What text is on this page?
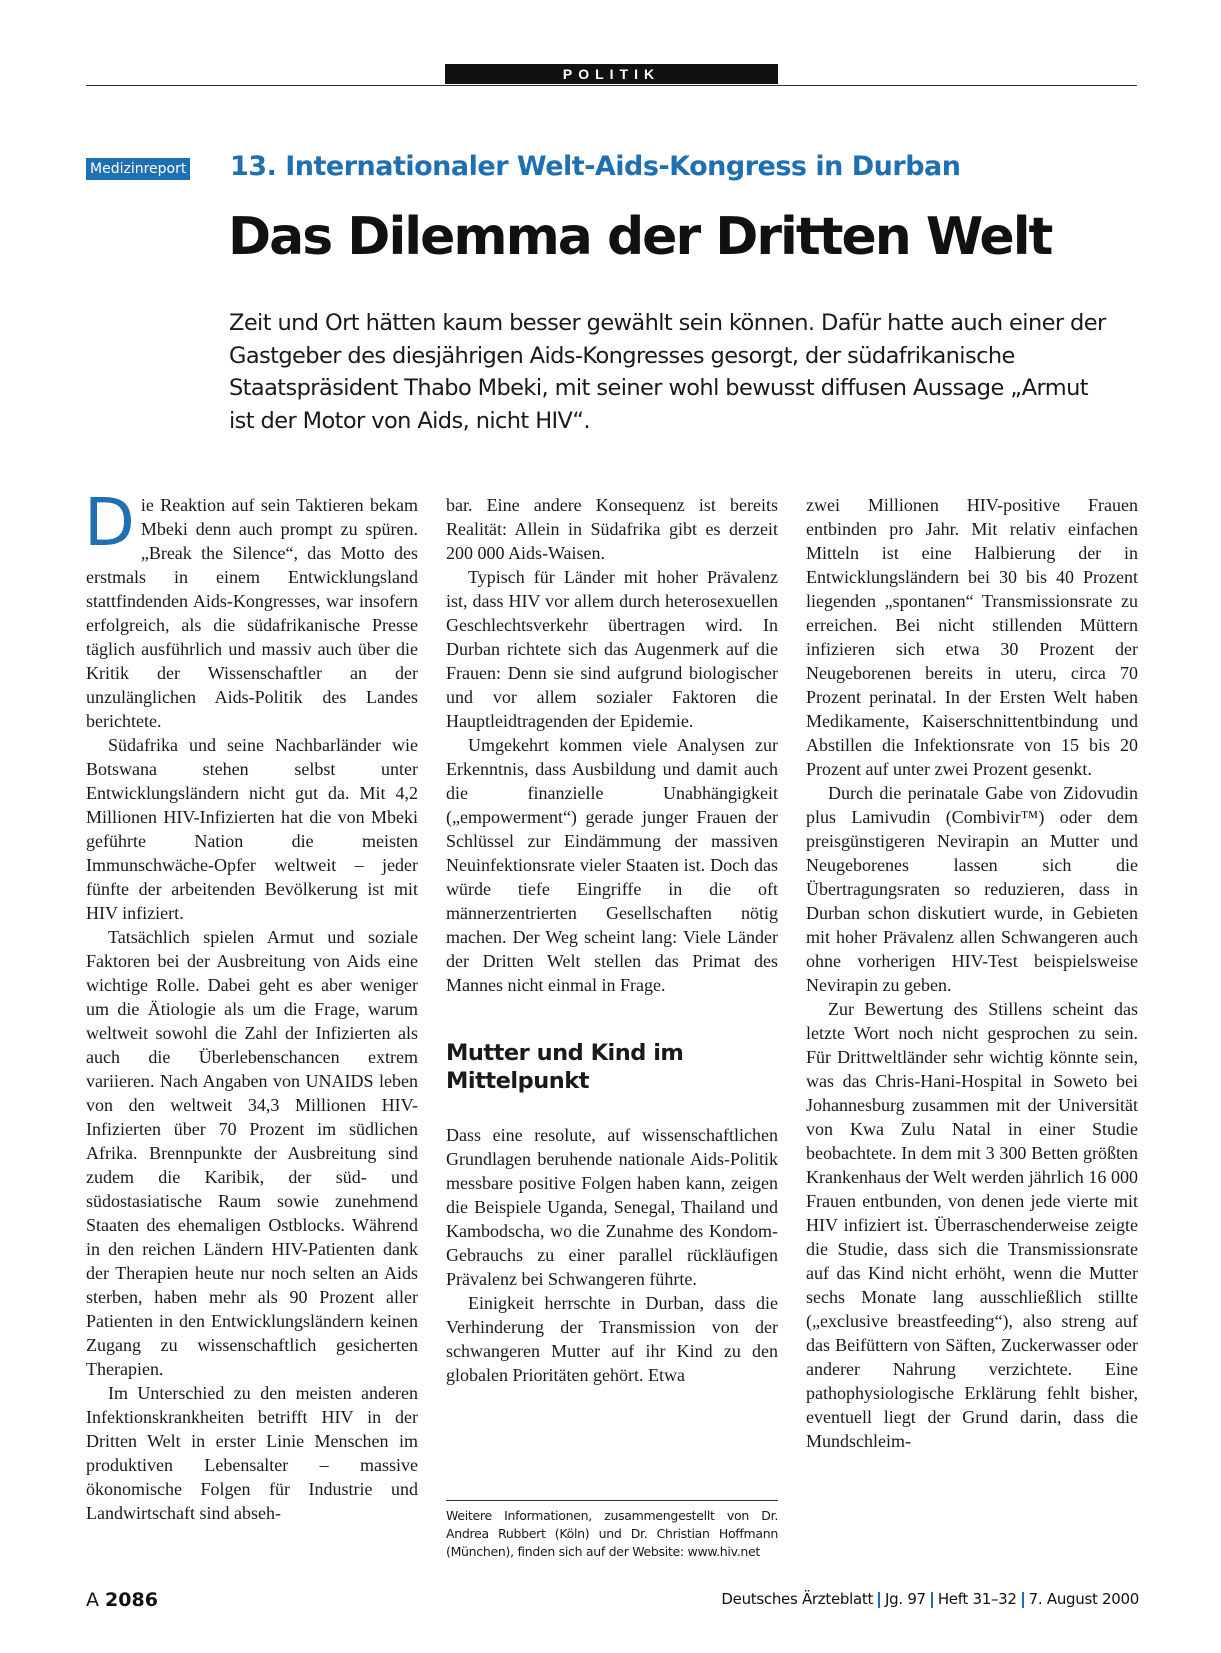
POLITIK
Medizinreport 13. Internationaler Welt-Aids-Kongress in Durban
Das Dilemma der Dritten Welt
Zeit und Ort hätten kaum besser gewählt sein können. Dafür hatte auch einer der Gastgeber des diesjährigen Aids-Kongresses gesorgt, der südafrikanische Staatspräsident Thabo Mbeki, mit seiner wohl bewusst diffusen Aussage „Armut ist der Motor von Aids, nicht HIV“.

Die Reaktion auf sein Taktieren bekam Mbeki denn auch prompt zu spüren. „Break the Silence“, das Motto des erstmals in einem Entwicklungsland stattfindenden Aids-Kongresses, war insofern erfolgreich, als die südafrikanische Presse täglich ausführlich und massiv auch über die Kritik der Wissenschaftler an der unzulänglichen Aids-Politik des Landes berichtete.

Südafrika und seine Nachbarländer wie Botswana stehen selbst unter Entwicklungsländern nicht gut da. Mit 4,2 Millionen HIV-Infizierten hat die von Mbeki geführte Nation die meisten Immunschwäche-Opfer weltweit – jeder fünfte der arbeitenden Bevölkerung ist mit HIV infiziert.

Tatsächlich spielen Armut und soziale Faktoren bei der Ausbreitung von Aids eine wichtige Rolle. Dabei geht es aber weniger um die Ätiologie als um die Frage, warum weltweit sowohl die Zahl der Infizierten als auch die Überlebenschancen extrem variieren. Nach Angaben von UNAIDS leben von den weltweit 34,3 Millionen HIV-Infizierten über 70 Prozent im südlichen Afrika. Brennpunkte der Ausbreitung sind zudem die Karibik, der süd- und südostasiatische Raum sowie zunehmend Staaten des ehemaligen Ostblocks. Während in den reichen Ländern HIV-Patienten dank der Therapien heute nur noch selten an Aids sterben, haben mehr als 90 Prozent aller Patienten in den Entwicklungsländern keinen Zugang zu wissenschaftlich gesicherten Therapien.

Im Unterschied zu den meisten anderen Infektionskrankheiten betrifft HIV in der Dritten Welt in erster Linie Menschen im produktiven Lebensalter – massive ökonomische Folgen für Industrie und Landwirtschaft sind abseh-

bar. Eine andere Konsequenz ist bereits Realität: Allein in Südafrika gibt es derzeit 200 000 Aids-Waisen.

Typisch für Länder mit hoher Prävalenz ist, dass HIV vor allem durch heterosexuellen Geschlechtsverkehr übertragen wird. In Durban richtete sich das Augenmerk auf die Frauen: Denn sie sind aufgrund biologischer und vor allem sozialer Faktoren die Hauptleidtragenden der Epidemie.

Umgekehrt kommen viele Analysen zur Erkenntnis, dass Ausbildung und damit auch die finanzielle Unabhängigkeit („empowerment“) gerade junger Frauen der Schlüssel zur Eindämmung der massiven Neuinfektionsrate vieler Staaten ist. Doch das würde tiefe Eingriffe in die oft männerzentrierten Gesellschaften nötig machen. Der Weg scheint lang: Viele Länder der Dritten Welt stellen das Primat des Mannes nicht einmal in Frage.

Mutter und Kind im Mittelpunkt

Dass eine resolute, auf wissenschaftlichen Grundlagen beruhende nationale Aids-Politik messbare positive Folgen haben kann, zeigen die Beispiele Uganda, Senegal, Thailand und Kambodscha, wo die Zunahme des Kondom-Gebrauchs zu einer parallel rückläufigen Prävalenz bei Schwangeren führte.

Einigkeit herrschte in Durban, dass die Verhinderung der Transmission von der schwangeren Mutter auf ihr Kind zu den globalen Prioritäten gehört. Etwa

Weitere Informationen, zusammengestellt von Dr. Andrea Rubbert (Köln) und Dr. Christian Hoffmann (München), finden sich auf der Website: www.hiv.net

zwei Millionen HIV-positive Frauen entbinden pro Jahr. Mit relativ einfachen Mitteln ist eine Halbierung der in Entwicklungsländern bei 30 bis 40 Prozent liegenden „spontanen“ Transmissionsrate zu erreichen. Bei nicht stillenden Müttern infizieren sich etwa 30 Prozent der Neugeborenen bereits in uteru, circa 70 Prozent perinatal. In der Ersten Welt haben Medikamente, Kaiserschnittentbindung und Abstillen die Infektionsrate von 15 bis 20 Prozent auf unter zwei Prozent gesenkt.

Durch die perinatale Gabe von Zidovudin plus Lamivudin (Combivir™) oder dem preisgünstigeren Nevirapin an Mutter und Neugeborenes lassen sich die Übertragungsraten so reduzieren, dass in Durban schon diskutiert wurde, in Gebieten mit hoher Prävalenz allen Schwangeren auch ohne vorherigen HIV-Test beispielsweise Nevirapin zu geben.

Zur Bewertung des Stillens scheint das letzte Wort noch nicht gesprochen zu sein. Für Drittweltländer sehr wichtig könnte sein, was das Chris-Hani-Hospital in Soweto bei Johannesburg zusammen mit der Universität von Kwa Zulu Natal in einer Studie beobachtete. In dem mit 3 300 Betten größten Krankenhaus der Welt werden jährlich 16 000 Frauen entbunden, von denen jede vierte mit HIV infiziert ist. Überraschenderweise zeigte die Studie, dass sich die Transmissionsrate auf das Kind nicht erhöht, wenn die Mutter sechs Monate lang ausschließlich stillte („exclusive breastfeeding“), also streng auf das Beifüttern von Säften, Zuckerwasser oder anderer Nahrung verzichtete. Eine pathophysiologische Erklärung fehlt bisher, eventuell liegt der Grund darin, dass die Mundschleim-

A 2086	Deutsches Ärzteblatt Jg. 97 Heft 31–32 7. August 2000
